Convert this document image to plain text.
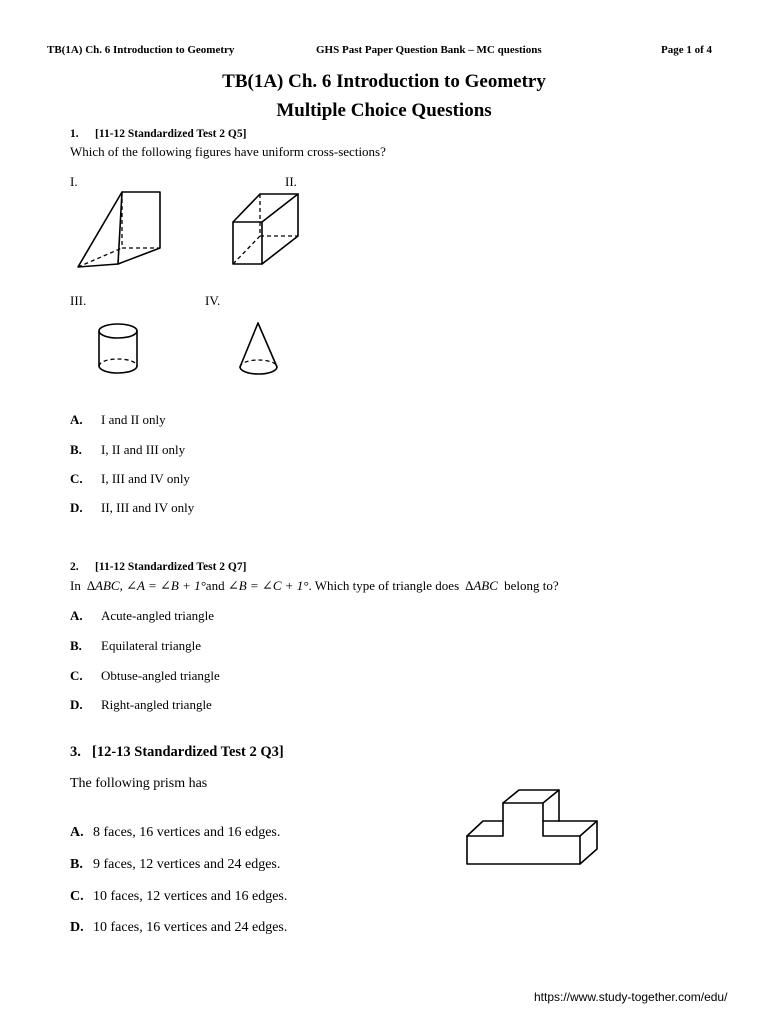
TB(1A) Ch. 6 Introduction to Geometry	GHS Past Paper Question Bank – MC questions	Page 1 of 4
TB(1A) Ch. 6 Introduction to Geometry
Multiple Choice Questions
1. [11-12 Standardized Test 2 Q5]
Which of the following figures have uniform cross-sections?
I.	II.
III.	IV.
A. I and II only
B. I, II and III only
C. I, III and IV only
D. II, III and IV only
2. [11-12 Standardized Test 2 Q7]
In ∆ABC, ∠A = ∠B + 1°and ∠B = ∠C + 1°. Which type of triangle does ∆ABC belong to?
A. Acute-angled triangle
B. Equilateral triangle
C. Obtuse-angled triangle
D. Right-angled triangle
3. [12-13 Standardized Test 2 Q3]
The following prism has
A. 8 faces, 16 vertices and 16 edges.
B. 9 faces, 12 vertices and 24 edges.
C. 10 faces, 12 vertices and 16 edges.
D. 10 faces, 16 vertices and 24 edges.
https://www.study-together.com/edu/
